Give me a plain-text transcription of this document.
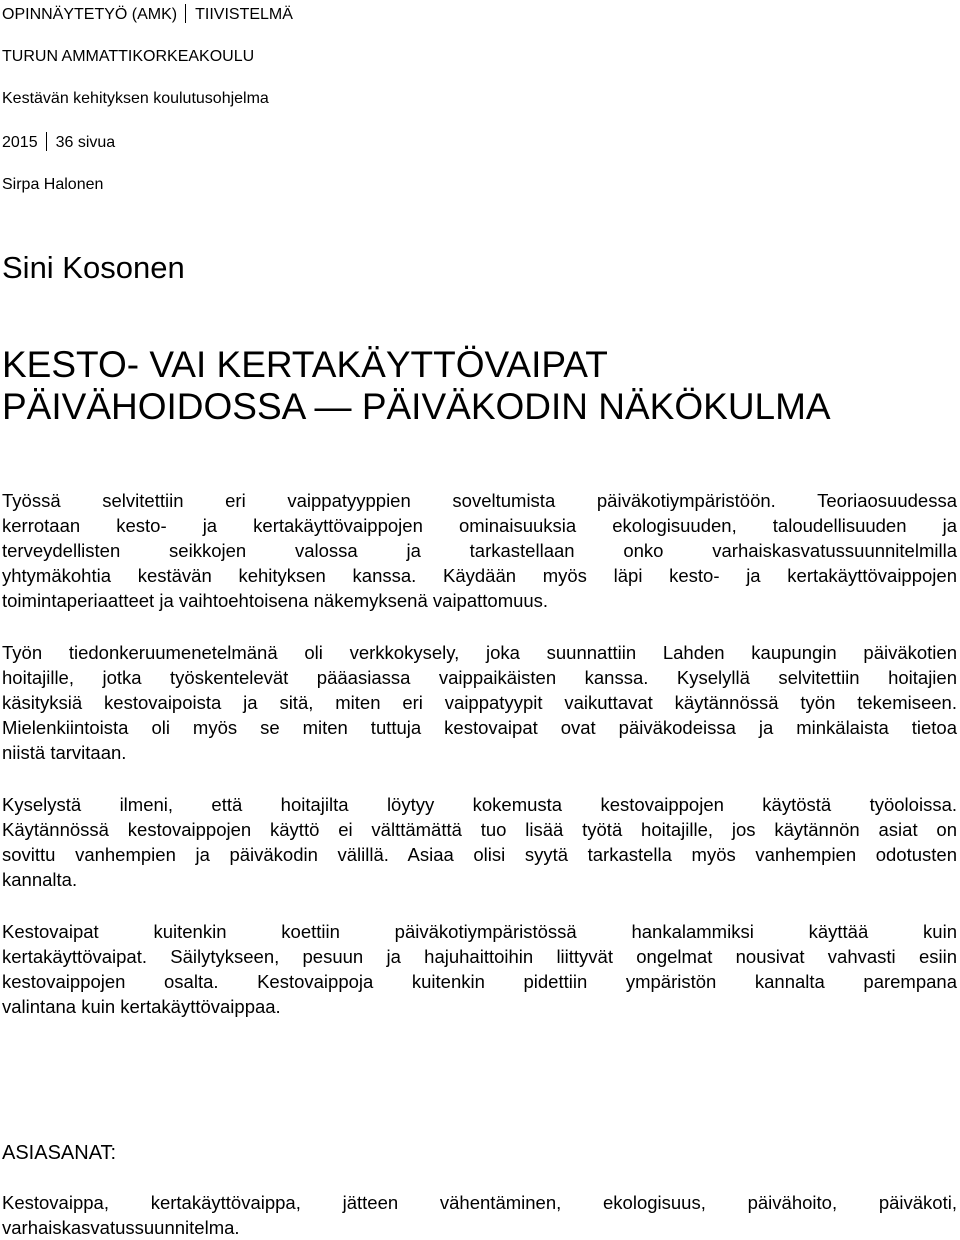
OPINNÄYTETYÖ (AMK) TIIVISTELMÄ
TURUN AMMATTIKORKEAKOULU
Kestävän kehityksen koulutusohjelma
2015 36 sivua
Sirpa Halonen
Sini Kosonen
KESTO- VAI KERTAKÄYTTÖVAIPAT
PÄIVÄHOIDOSSA — PÄIVÄKODIN NÄKÖKULMA
Työssä selvitettiin eri vaippatyyppien soveltumista päiväkotiympäristöön. Teoriaosuudessa
kerrotaan kesto- ja kertakäyttövaippojen ominaisuuksia ekologisuuden, taloudellisuuden ja
terveydellisten seikkojen valossa ja tarkastellaan onko varhaiskasvatussuunnitelmilla
yhtymäkohtia kestävän kehityksen kanssa. Käydään myös läpi kesto- ja kertakäyttövaippojen
toimintaperiaatteet ja vaihtoehtoisena näkemyksenä vaipattomuus.
Työn tiedonkeruumenetelmänä oli verkkokysely, joka suunnattiin Lahden kaupungin päiväkotien
hoitajille, jotka työskentelevät pääasiassa vaippaikäisten kanssa. Kyselyllä selvitettiin hoitajien
käsityksiä kestovaipoista ja sitä, miten eri vaippatyypit vaikuttavat käytännössä työn tekemiseen.
Mielenkiintoista oli myös se miten tuttuja kestovaipat ovat päiväkodeissa ja minkälaista tietoa
niistä tarvitaan.
Kyselystä ilmeni, että hoitajilta löytyy kokemusta kestovaippojen käytöstä työoloissa.
Käytännössä kestovaippojen käyttö ei välttämättä tuo lisää työtä hoitajille, jos käytännön asiat on
sovittu vanhempien ja päiväkodin välillä. Asiaa olisi syytä tarkastella myös vanhempien odotusten
kannalta.
Kestovaipat kuitenkin koettiin päiväkotiympäristössä hankalammiksi käyttää kuin
kertakäyttövaipat. Säilytykseen, pesuun ja hajuhaittoihin liittyvät ongelmat nousivat vahvasti esiin
kestovaippojen osalta. Kestovaippoja kuitenkin pidettiin ympäristön kannalta parempana
valintana kuin kertakäyttövaippaa.
ASIASANAT:
Kestovaippa, kertakäyttövaippa, jätteen vähentäminen, ekologisuus, päivähoito, päiväkoti,
varhaiskasvatussuunnitelma.
